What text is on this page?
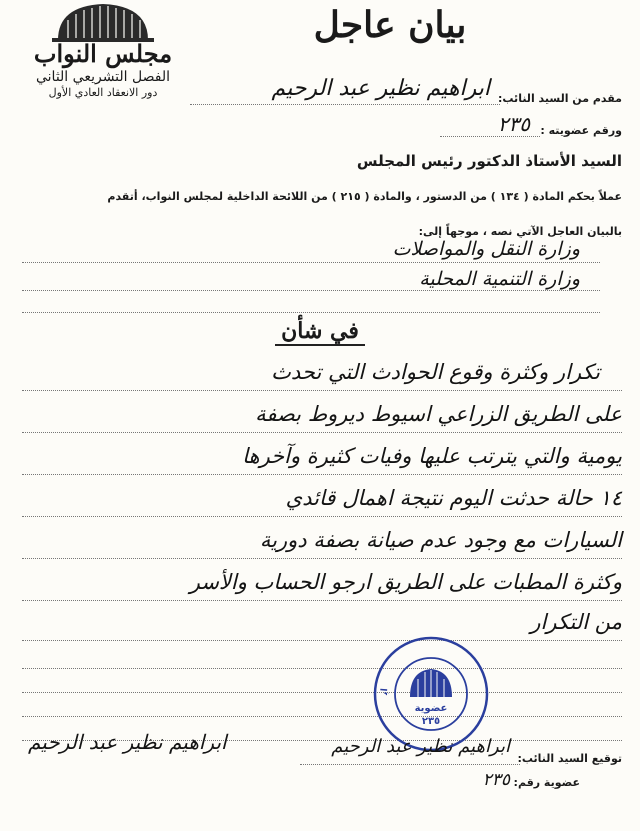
مجلس النواب
الفصل التشريعي الثاني
دور الانعقاد العادي الأول
بيان عاجل
مقدم من السيد النائب:
ابراهيم نظير عبد الرحيم
ورقم عضويته :
٢٣٥
السيد الأستاذ الدكتور رئيس المجلس
عملاً بحكم المادة ( ١٣٤ ) من الدستور ، والمادة ( ٢١٥ ) من اللائحة الداخلية لمجلس النواب، أتقدم
بالبيان العاجل الآتي نصه ، موجهاً إلى:
وزارة النقل والمواصلات
وزارة التنمية المحلية
في شأن
تكرار وكثرة وقوع الحوادث التي تحدث
على الطريق الزراعي اسيوط ديروط بصفة
يومية والتي يترتب عليها وفيات كثيرة وآخرها
١٤ حالة حدثت اليوم نتيجة اهمال قائدي
السيارات مع وجود عدم صيانة بصفة دورية
وكثرة المطبات على الطريق ارجو الحساب والأسر
من التكرار
اب
عضوية
٢٣٥
توقيع السيد النائب:
ابراهيم نظير عبد الرحيم
ابراهيم نظير عبد الرحيم
عضوية رقم:
٢٣٥
